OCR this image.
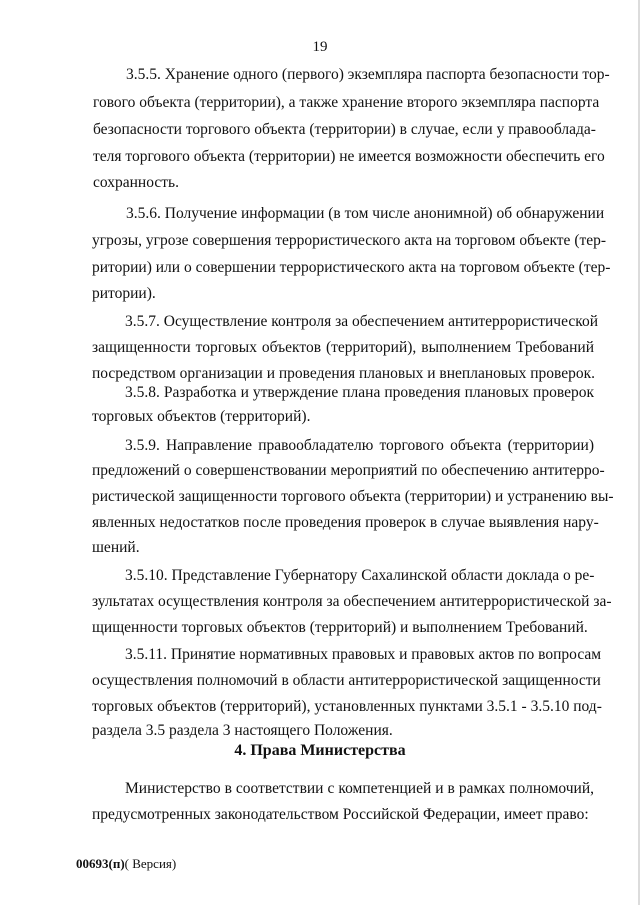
19

3.5.5. Хранение одного (первого) экземпляра паспорта безопасности тор-

гового объекта (территории), а также хранение второго экземпляра паспорта

безопасности торгового объекта (территории) в случае, если у правооблада-

теля торгового объекта (территории) не имеется возможности обеспечить его

сохранность.

3.5.6. Получение информации (в том числе анонимной) об обнаружении

угрозы, угрозе совершения террористического акта на торговом объекте (тер-

ритории) или о совершении террористического акта на торговом объекте (тер-

ритории).

3.5.7. Осуществление контроля за обеспечением антитеррористической

защищенности торговых объектов (территорий), выполнением Требований

посредством организации и проведения плановых и внеплановых проверок.

3.5.8. Разработка и утверждение плана проведения плановых проверок

торговых объектов (территорий).

3.5.9. Направление правообладателю торгового объекта (территории)

предложений о совершенствовании мероприятий по обеспечению антитерро-

ристической защищенности торгового объекта (территории) и устранению вы-

явленных недостатков после проведения проверок в случае выявления нару-

шений.

3.5.10. Представление Губернатору Сахалинской области доклада о ре-

зультатах осуществления контроля за обеспечением антитеррористической за-

щищенности торговых объектов (территорий) и выполнением Требований.

3.5.11. Принятие нормативных правовых и правовых актов по вопросам

осуществления полномочий в области антитеррористической защищенности

торговых объектов (территорий), установленных пунктами 3.5.1 - 3.5.10 под-

раздела 3.5 раздела 3 настоящего Положения.

4. Права Министерства

Министерство в соответствии с компетенцией и в рамках полномочий,

предусмотренных законодательством Российской Федерации, имеет право:

00693(п)( Версия)
